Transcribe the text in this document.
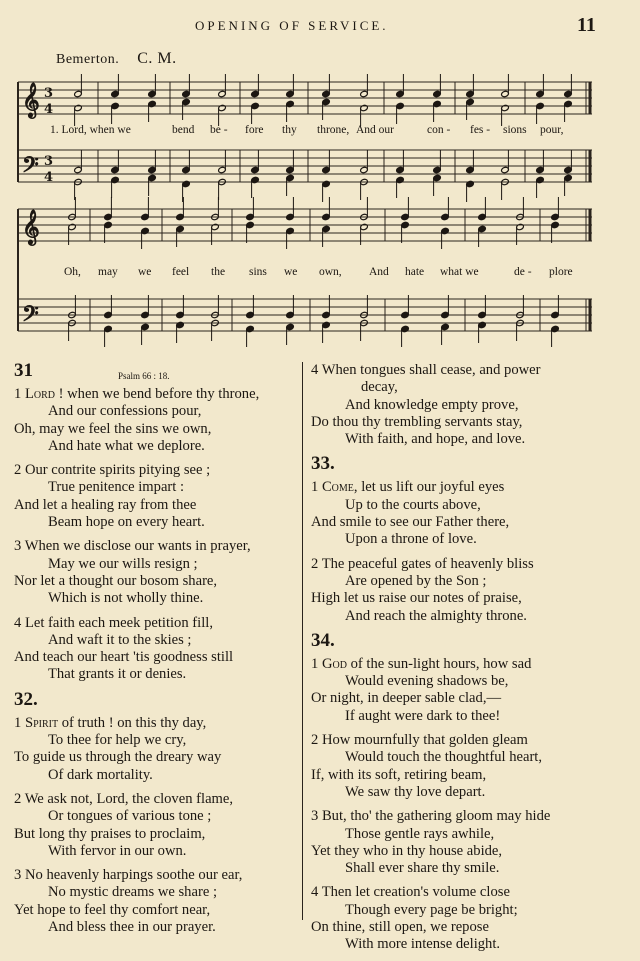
OPENING OF SERVICE.	11
Bemerton. C. M.
𝄞
𝄢
3
4
3
4
1. Lord, when we	bend be - fore thy throne, And our	con - fes - sions pour,
𝄞
𝄢
Oh, may we feel the sins we own, And hate what we	de - plore
31	Psalm 66 : 18.
1 Lord ! when we bend before thy throne,
And our confessions pour,
Oh, may we feel the sins we own,
And hate what we deplore.
2 Our contrite spirits pitying see ;
True penitence impart :
And let a healing ray from thee
Beam hope on every heart.
3 When we disclose our wants in prayer,
May we our wills resign ;
Nor let a thought our bosom share,
Which is not wholly thine.
4 Let faith each meek petition fill,
And waft it to the skies ;
And teach our heart 'tis goodness still
That grants it or denies.
32.
1 Spirit of truth ! on this thy day,
To thee for help we cry,
To guide us through the dreary way
Of dark mortality.
2 We ask not, Lord, the cloven flame,
Or tongues of various tone ;
But long thy praises to proclaim,
With fervor in our own.
3 No heavenly harpings soothe our ear,
No mystic dreams we share ;
Yet hope to feel thy comfort near,
And bless thee in our prayer.
4 When tongues shall cease, and power
decay,
And knowledge empty prove,
Do thou thy trembling servants stay,
With faith, and hope, and love.
33.
1 Come, let us lift our joyful eyes
Up to the courts above,
And smile to see our Father there,
Upon a throne of love.
2 The peaceful gates of heavenly bliss
Are opened by the Son ;
High let us raise our notes of praise,
And reach the almighty throne.
34.
1 God of the sun-light hours, how sad
Would evening shadows be,
Or night, in deeper sable clad,—
If aught were dark to thee!
2 How mournfully that golden gleam
Would touch the thoughtful heart,
If, with its soft, retiring beam,
We saw thy love depart.
3 But, tho' the gathering gloom may hide
Those gentle rays awhile,
Yet they who in thy house abide,
Shall ever share thy smile.
4 Then let creation's volume close
Though every page be bright;
On thine, still open, we repose
With more intense delight.
